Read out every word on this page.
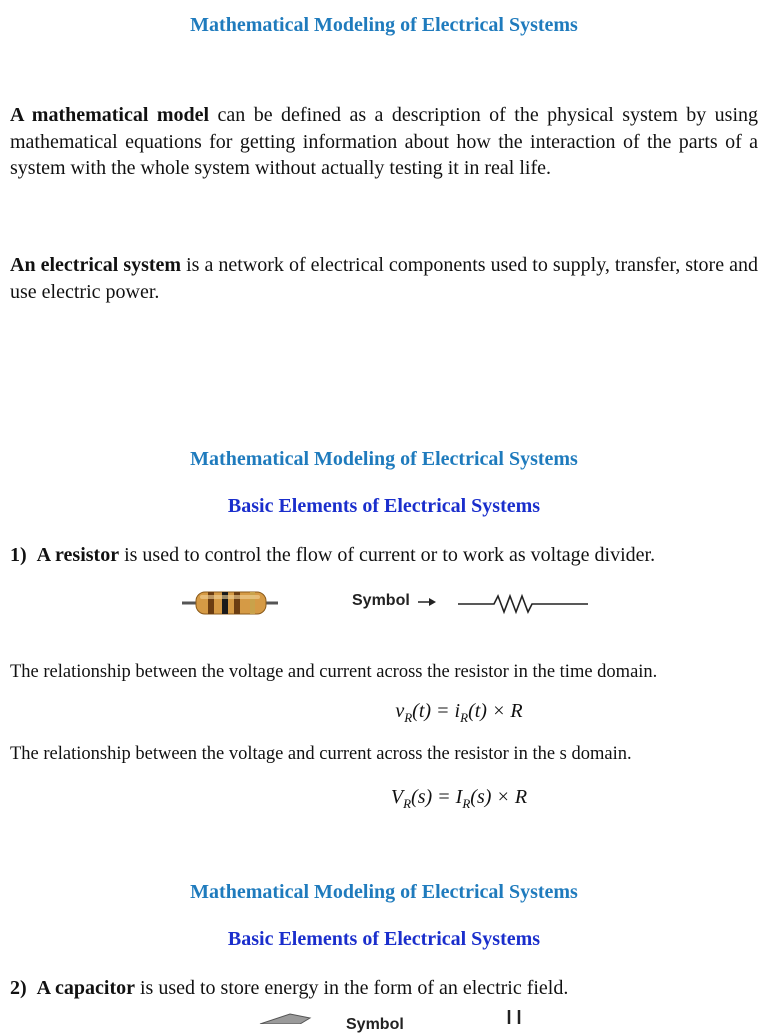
Mathematical Modeling of Electrical Systems
A mathematical model can be defined as a description of the physical system by using mathematical equations for getting information about how the interaction of the parts of a system with the whole system without actually testing it in real life.
An electrical system is a network of electrical components used to supply, transfer, store and use electric power.
Mathematical Modeling of Electrical Systems
Basic Elements of Electrical Systems
1) A resistor is used to control the flow of current or to work as voltage divider.
Symbol
The relationship between the voltage and current across the resistor in the time domain.
$v_R(t) = i_R(t) \times R$
The relationship between the voltage and current across the resistor in the s domain.
$V_R(s) = I_R(s) \times R$
Mathematical Modeling of Electrical Systems
Basic Elements of Electrical Systems
2) A capacitor is used to store energy in the form of an electric field.
Symbol
